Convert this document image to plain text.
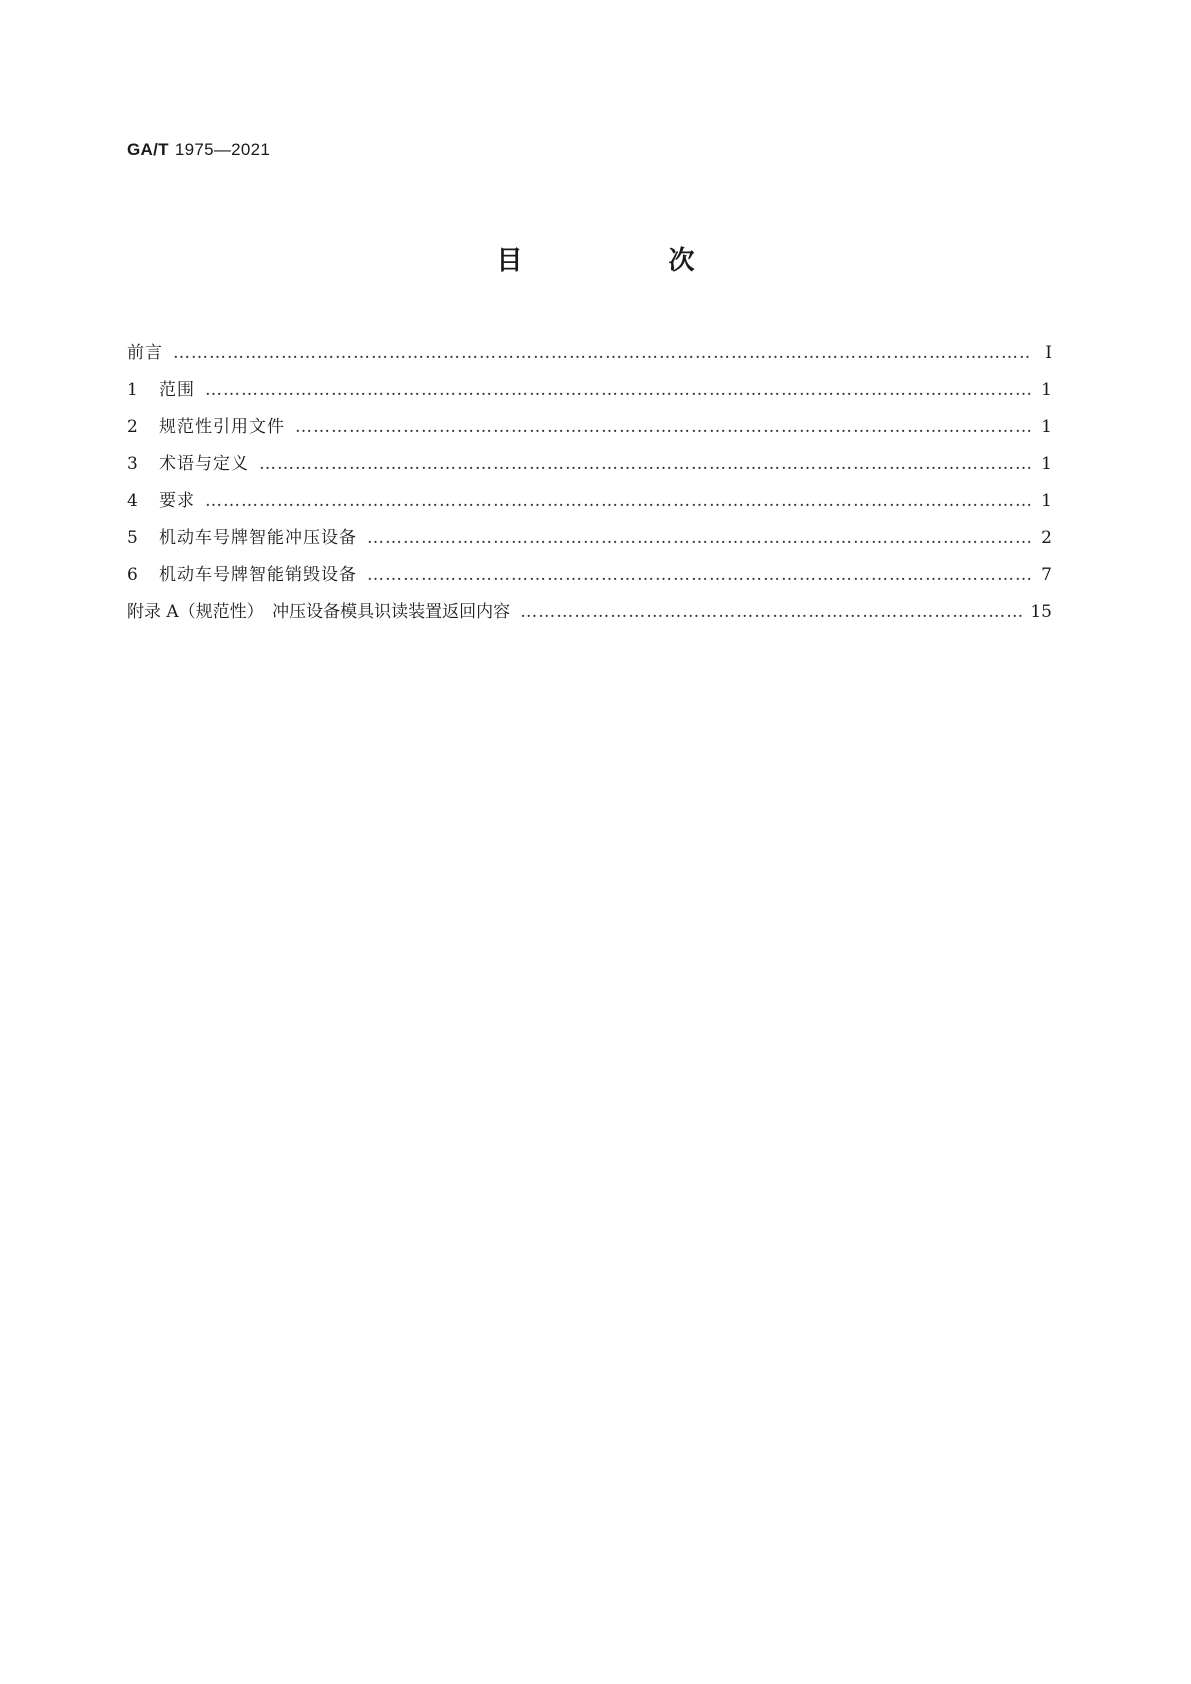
GA/T 1975—2021
目　次
前言 …………………………………………………………………………………………………………………………………………………………………………………………………	Ⅰ
1	范围 …………………………………………………………………………………………………………………………………………………………………………………………………	1
2	规范性引用文件 …………………………………………………………………………………………………………………………………………………………………………………………………	1
3	术语与定义 …………………………………………………………………………………………………………………………………………………………………………………………………	1
4	要求 …………………………………………………………………………………………………………………………………………………………………………………………………	1
5	机动车号牌智能冲压设备 …………………………………………………………………………………………………………………………………………………………………………………………………	2
6	机动车号牌智能销毁设备 …………………………………………………………………………………………………………………………………………………………………………………………………	7
附录 A（规范性）　冲压设备模具识读装置返回内容 …………………………………………………………………………………………………………………………………………………………………………………………………	15
